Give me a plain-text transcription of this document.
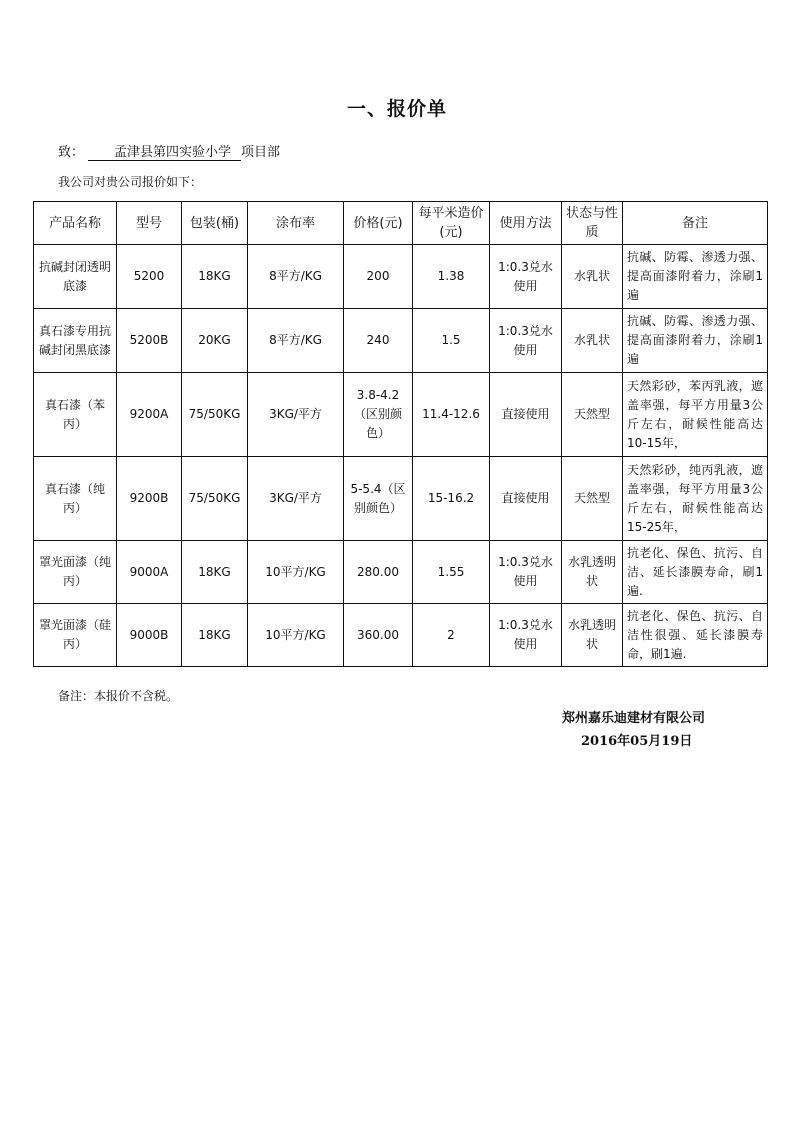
一、报价单
致： 孟津县第四实验小学 项目部
我公司对贵公司报价如下：
产品名称	型号	包装(桶)	涂布率	价格(元)	每平米造价(元)	使用方法	状态与性质	备注
抗碱封闭透明底漆	5200	18KG	8平方/KG	200	1.38	1:0.3兑水使用	水乳状	抗碱、防霉、渗透力强、提高面漆附着力，涂刷1遍
真石漆专用抗碱封闭黑底漆	5200B	20KG	8平方/KG	240	1.5	1:0.3兑水使用	水乳状	抗碱、防霉、渗透力强、提高面漆附着力，涂刷1遍
真石漆（苯丙）	9200A	75/50KG	3KG/平方	3.8-4.2（区别颜色）	11.4-12.6	直接使用	天然型	天然彩砂，苯丙乳液，遮盖率强，每平方用量3公斤左右，耐候性能高达10-15年，
真石漆（纯丙）	9200B	75/50KG	3KG/平方	5-5.4（区别颜色）	15-16.2	直接使用	天然型	天然彩砂，纯丙乳液，遮盖率强，每平方用量3公斤左右，耐候性能高达15-25年，
罩光面漆（纯丙）	9000A	18KG	10平方/KG	280.00	1.55	1:0.3兑水使用	水乳透明状	抗老化、保色、抗污、自洁、延长漆膜寿命，刷1遍.
罩光面漆（硅丙）	9000B	18KG	10平方/KG	360.00	2	1:0.3兑水使用	水乳透明状	抗老化、保色、抗污、自洁性很强、延长漆膜寿命，刷1遍.
备注：本报价不含税。
郑州嘉乐迪建材有限公司
2016年05月19日
